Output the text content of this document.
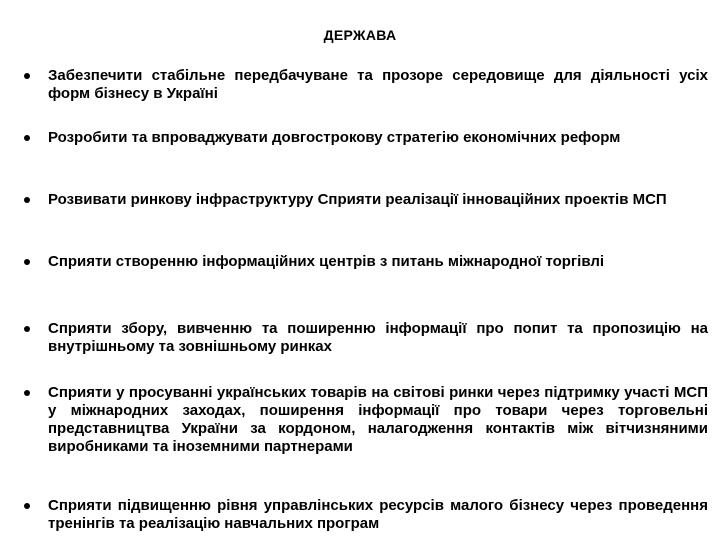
ДЕРЖАВА
Забезпечити стабільне передбачуване та прозоре середовище для діяльності усіх форм бізнесу в Україні
Розробити та впроваджувати довгострокову стратегію економічних реформ
Розвивати ринкову інфраструктуру Сприяти реалізації інноваційних проектів МСП
Сприяти створенню інформаційних центрів з питань міжнародної торгівлі
Сприяти збору, вивченню та поширенню інформації про попит та пропозицію на внутрішньому та зовнішньому ринках
Сприяти у просуванні українських товарів на світові ринки через підтримку участі МСП у міжнародних заходах, поширення інформації про товари через торговельні представництва України за кордоном, налагодження контактів між вітчизняними виробниками та іноземними партнерами
Сприяти підвищенню рівня управлінських ресурсів малого бізнесу через проведення тренінгів та реалізацію навчальних програм
